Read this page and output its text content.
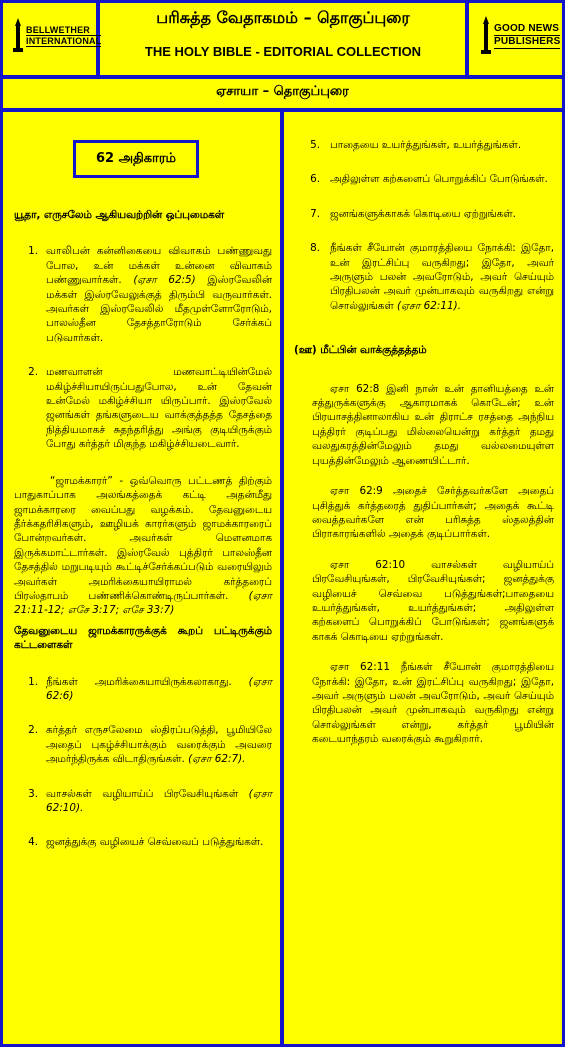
BELLWETHER
INTERNATIONAL
GOOD NEWS
PUBLISHERS
பரிசுத்த வேதாகமம் – தொகுப்புரை
THE HOLY BIBLE - EDITORIAL COLLECTION
ஏசாயா – தொகுப்புரை
62 அதிகாரம்
யூதா, எருசலேம் ஆகியவற்றின் ஒப்புமைகள்
1. வாலிபன் கன்னிகையை விவாகம் பண்ணுவது போல, உன் மக்கள் உன்னை விவாகம் பண்ணுவார்கள். (ஏசா 62:5) இஸ்ரவேலின் மக்கள் இஸ்ரவேலுக்குத் திரும்பி வருவார்கள். அவர்கள் இஸ்ரவேலில் மீதமுள்ளோரோடும், பாலஸ்தீன தேசத்தாரோடும் சேர்க்கப் படுவார்கள்.
2. மணவாளன் மணவாட்டியின்மேல் மகிழ்ச்சியாயிருப்பதுபோல, உன் தேவன் உன்மேல் மகிழ்ச்சியா யிருப்பார். இஸ்ரவேல் ஜனங்கள் தங்களுடைய வாக்குத்தத்த தேசத்தை நித்தியமாகச் சுதந்தரித்து அங்கு குடியிருக்கும் போது கர்த்தர் மிகுந்த மகிழ்ச்சியடைவார்.

“ஜாமக்காரர்” - ஒவ்வொரு பட்டணத் திற்கும் பாதுகாப்பாக அலங்கத்தைக் கட்டி அதன்மீது ஜாமக்காரரை வைப்பது வழக்கம். தேவனுடைய தீர்க்கதரிசிகளும், ஊழியக் காரர்களும் ஜாமக்காரரைப் போன்றவர்கள். அவர்கள் மௌனமாக இருக்கமாட்டார்கள். இஸ்ரவேல் புத்திரர் பாலஸ்தீன தேசத்தில் மறுபடியும் கூட்டிச்சேர்க்கப்படும் வரையிலும் அவர்கள் அமரிக்கையாயிராமல் கர்த்தரைப் பிரஸ்தாபம் பண்ணிக்கொண்டிருப்பார்கள். (ஏசா 21:11-12; எசே 3:17; எசே 33:7)

தேவனுடைய ஜாமக்காரருக்குக் கூறப் பட்டிருக்கும் கட்டளைகள்
1. நீங்கள் அமரிக்கையாயிருக்கலாகாது. (ஏசா 62:6)
2. கர்த்தர் எருசலேமை ஸ்திரப்படுத்தி, பூமியிலே அதைப் புகழ்ச்சியாக்கும் வரைக்கும் அவரை அமர்ந்திருக்க விடாதிருங்கள். (ஏசா 62:7).
3. வாசல்கள் வழியாய்ப் பிரவேசியுங்கள் (ஏசா 62:10).
4. ஜனத்துக்கு வழியைச் செவ்வைப் படுத்துங்கள்.
5. பாதையை உயர்த்துங்கள், உயர்த்துங்கள்.
6. அதிலுள்ள கற்களைப் பொறுக்கிப் போடுங்கள்.
7. ஜனங்களுக்காகக் கொடியை ஏற்றுங்கள்.
8. நீங்கள் சீயோன் குமாரத்தியை நோக்கி: இதோ, உன் இரட்சிப்பு வருகிறது; இதோ, அவர் அருளும் பலன் அவரோடும், அவர் செய்யும் பிரதிபலன் அவர் முன்பாகவும் வருகிறது என்று சொல்லுங்கள் (ஏசா 62:11).
(ஊ) மீட்பின் வாக்குத்தத்தம்

ஏசா 62:8 இனி நான் உன் தானியத்தை உன் சத்துருக்களுக்கு ஆகாரமாகக் கொடேன்; உன் பிரயாசத்தினாலாகிய உன் திராட்ச ரசத்தை அந்நிய புத்திரர் குடிப்பது மில்லையென்று கர்த்தர் தமது வலதுகரத்தின்மேலும் தமது வல்லமையுள்ள புயத்தின்மேலும் ஆணையிட்டார்.

ஏசா 62:9 அதைச் சேர்த்தவர்களே அதைப் புசித்துக் கர்த்தரைத் துதிப்பார்கள்; அதைக் கூட்டி வைத்தவர்களே என் பரிசுத்த ஸ்தலத்தின் பிராகாரங்களில் அதைக் குடிப்பார்கள்.

ஏசா 62:10 வாசல்கள் வழியாய்ப் பிரவேசியுங்கள், பிரவேசியுங்கள்; ஜனத்துக்கு வழியைச் செவ்வை படுத்துங்கள்;பாதையை உயர்த்துங்கள், உயர்த்துங்கள்; அதிலுள்ள கற்களைப் பொறுக்கிப் போடுங்கள்; ஜனங்களுக் காகக் கொடியை ஏற்றுங்கள்.

ஏசா 62:11 நீங்கள் சீயோன் குமாரத்தியை நோக்கி: இதோ, உன் இரட்சிப்பு வருகிறது; இதோ, அவர் அருளும் பலன் அவரோடும், அவர் செய்யும் பிரதிபலன் அவர் முன்பாகவும் வருகிறது என்று சொல்லுங்கள் என்று, கர்த்தர் பூமியின் கடையாந்தரம் வரைக்கும் கூறுகிறார்.
